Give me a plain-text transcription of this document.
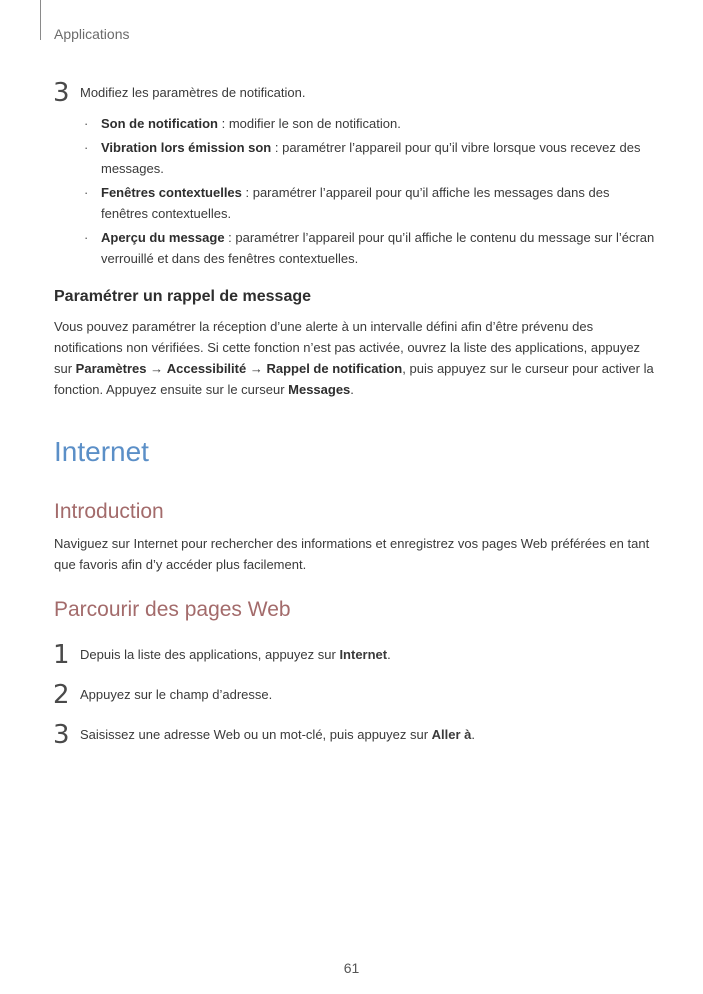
Applications
3 Modifiez les paramètres de notification.
· Son de notification : modifier le son de notification.
· Vibration lors émission son : paramétrer l’appareil pour qu’il vibre lorsque vous recevez des messages.
· Fenêtres contextuelles : paramétrer l’appareil pour qu’il affiche les messages dans des fenêtres contextuelles.
· Aperçu du message : paramétrer l’appareil pour qu’il affiche le contenu du message sur l’écran verrouillé et dans des fenêtres contextuelles.
Paramétrer un rappel de message

Vous pouvez paramétrer la réception d’une alerte à un intervalle défini afin d’être prévenu des notifications non vérifiées. Si cette fonction n’est pas activée, ouvrez la liste des applications, appuyez sur Paramètres → Accessibilité → Rappel de notification, puis appuyez sur le curseur pour activer la fonction. Appuyez ensuite sur le curseur Messages.

Internet
Introduction

Naviguez sur Internet pour rechercher des informations et enregistrez vos pages Web préférées en tant que favoris afin d’y accéder plus facilement.

Parcourir des pages Web
1 Depuis la liste des applications, appuyez sur Internet.
2 Appuyez sur le champ d’adresse.
3 Saisissez une adresse Web ou un mot-clé, puis appuyez sur Aller à.
61
